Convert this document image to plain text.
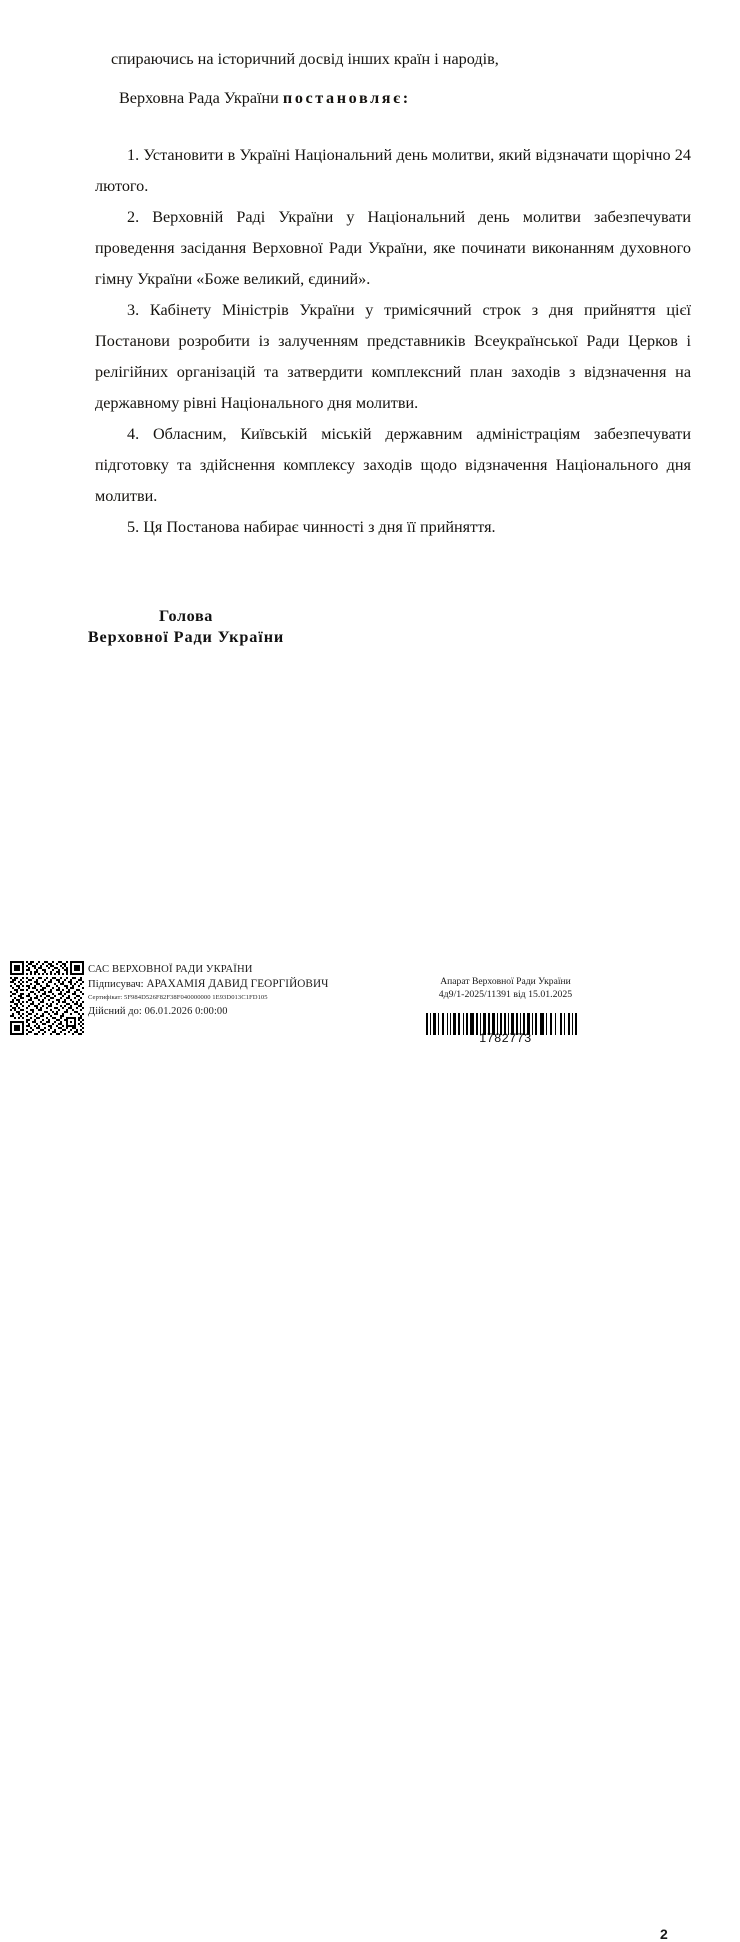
спираючись на історичний досвід інших країн і народів,

Верховна Рада України постановляє:

1. Установити в Україні Національний день молитви, який відзначати щорічно 24 лютого.

2. Верховній Раді України у Національний день молитви забезпечувати проведення засідання Верховної Ради України, яке починати виконанням духовного гімну України «Боже великий, єдиний».

3. Кабінету Міністрів України у тримісячний строк з дня прийняття цієї Постанови розробити із залученням представників Всеукраїнської Ради Церков і релігійних організацій та затвердити комплексний план заходів з відзначення на державному рівні Національного дня молитви.

4. Обласним, Київській міській державним адміністраціям забезпечувати підготовку та здійснення комплексу заходів щодо відзначення Національного дня молитви.

5. Ця Постанова набирає чинності з дня її прийняття.

Голова
Верховної Ради України
САС ВЕРХОВНОЇ РАДИ УКРАЇНИ
Підписувач: АРАХАМІЯ ДАВИД ГЕОРГІЙОВИЧ
Сертифікат: 5F984D526F82F38F040000000 1E93D013C1FD105
Дійсний до: 06.01.2026 0:00:00
Апарат Верховної Ради України
4д9/1-2025/11391 від 15.01.2025
2
1782773
